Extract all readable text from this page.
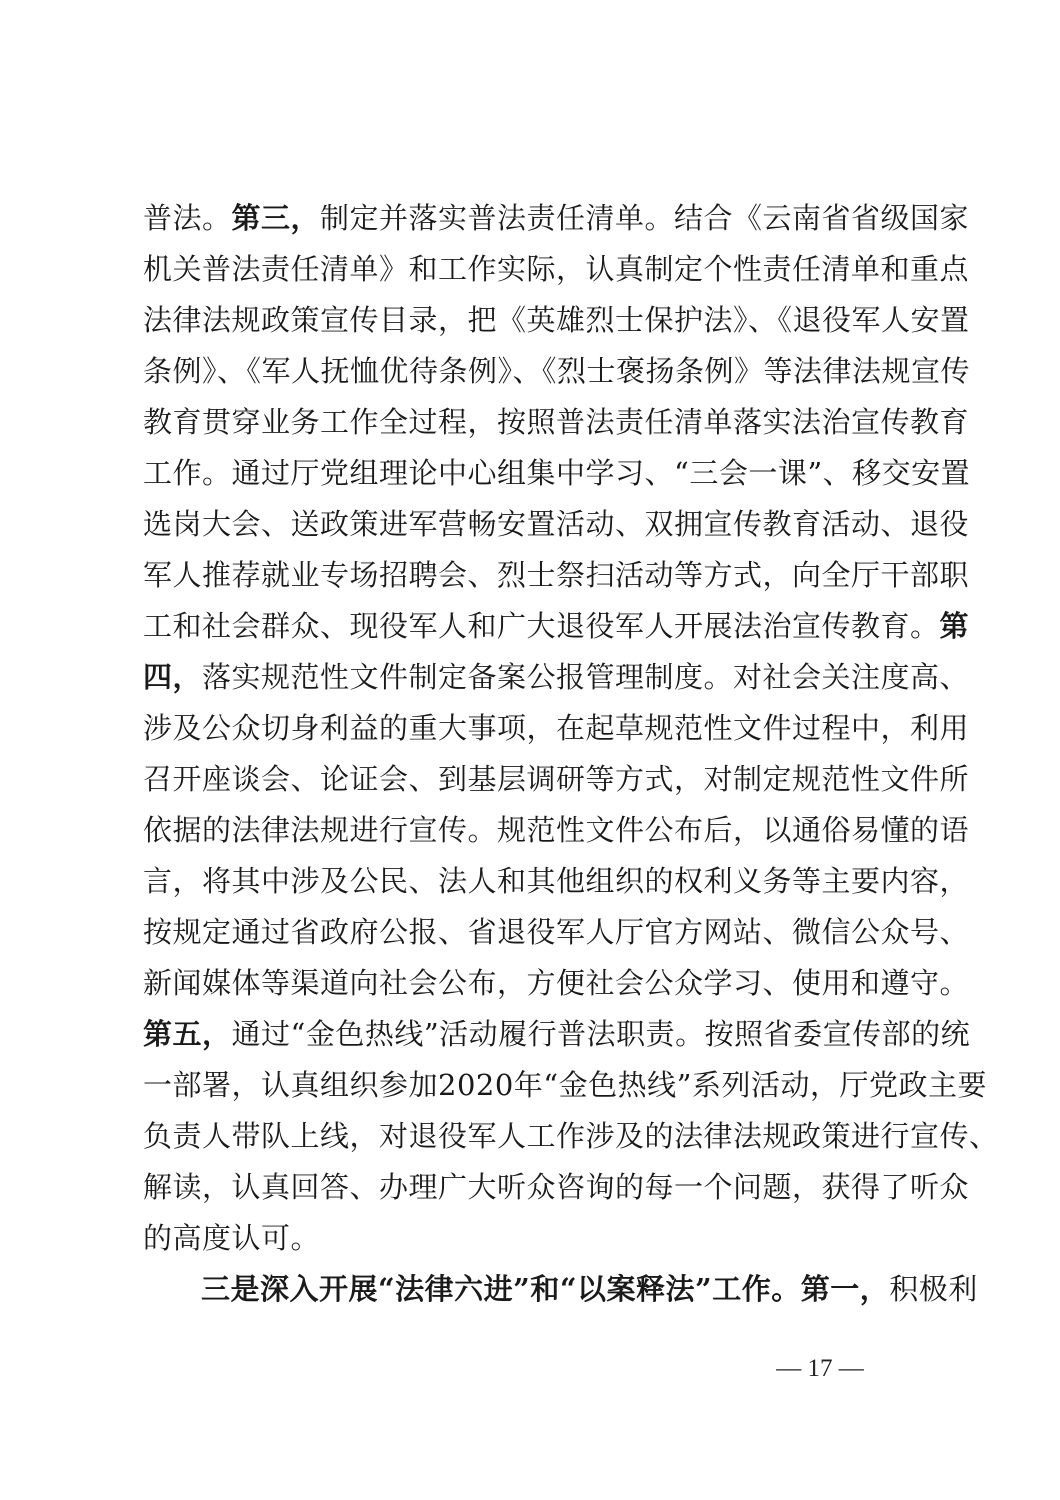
普法。第三，制定并落实普法责任清单。结合《云南省省级国家
机关普法责任清单》和工作实际，认真制定个性责任清单和重点
法律法规政策宣传目录，把《英雄烈士保护法》、《退役军人安置
条例》、《军人抚恤优待条例》、《烈士褒扬条例》等法律法规宣传
教育贯穿业务工作全过程，按照普法责任清单落实法治宣传教育
工作。通过厅党组理论中心组集中学习、“三会一课”、移交安置
选岗大会、送政策进军营畅安置活动、双拥宣传教育活动、退役
军人推荐就业专场招聘会、烈士祭扫活动等方式，向全厅干部职
工和社会群众、现役军人和广大退役军人开展法治宣传教育。第
四，落实规范性文件制定备案公报管理制度。对社会关注度高、
涉及公众切身利益的重大事项，在起草规范性文件过程中，利用
召开座谈会、论证会、到基层调研等方式，对制定规范性文件所
依据的法律法规进行宣传。规范性文件公布后，以通俗易懂的语
言，将其中涉及公民、法人和其他组织的权利义务等主要内容，
按规定通过省政府公报、省退役军人厅官方网站、微信公众号、
新闻媒体等渠道向社会公布，方便社会公众学习、使用和遵守。
第五，通过“金色热线”活动履行普法职责。按照省委宣传部的统
一部署，认真组织参加2020年“金色热线”系列活动，厅党政主要
负责人带队上线，对退役军人工作涉及的法律法规政策进行宣传、
解读，认真回答、办理广大听众咨询的每一个问题，获得了听众
的高度认可。
三是深入开展“法律六进”和“以案释法”工作。第一，积极利
— 17 —
